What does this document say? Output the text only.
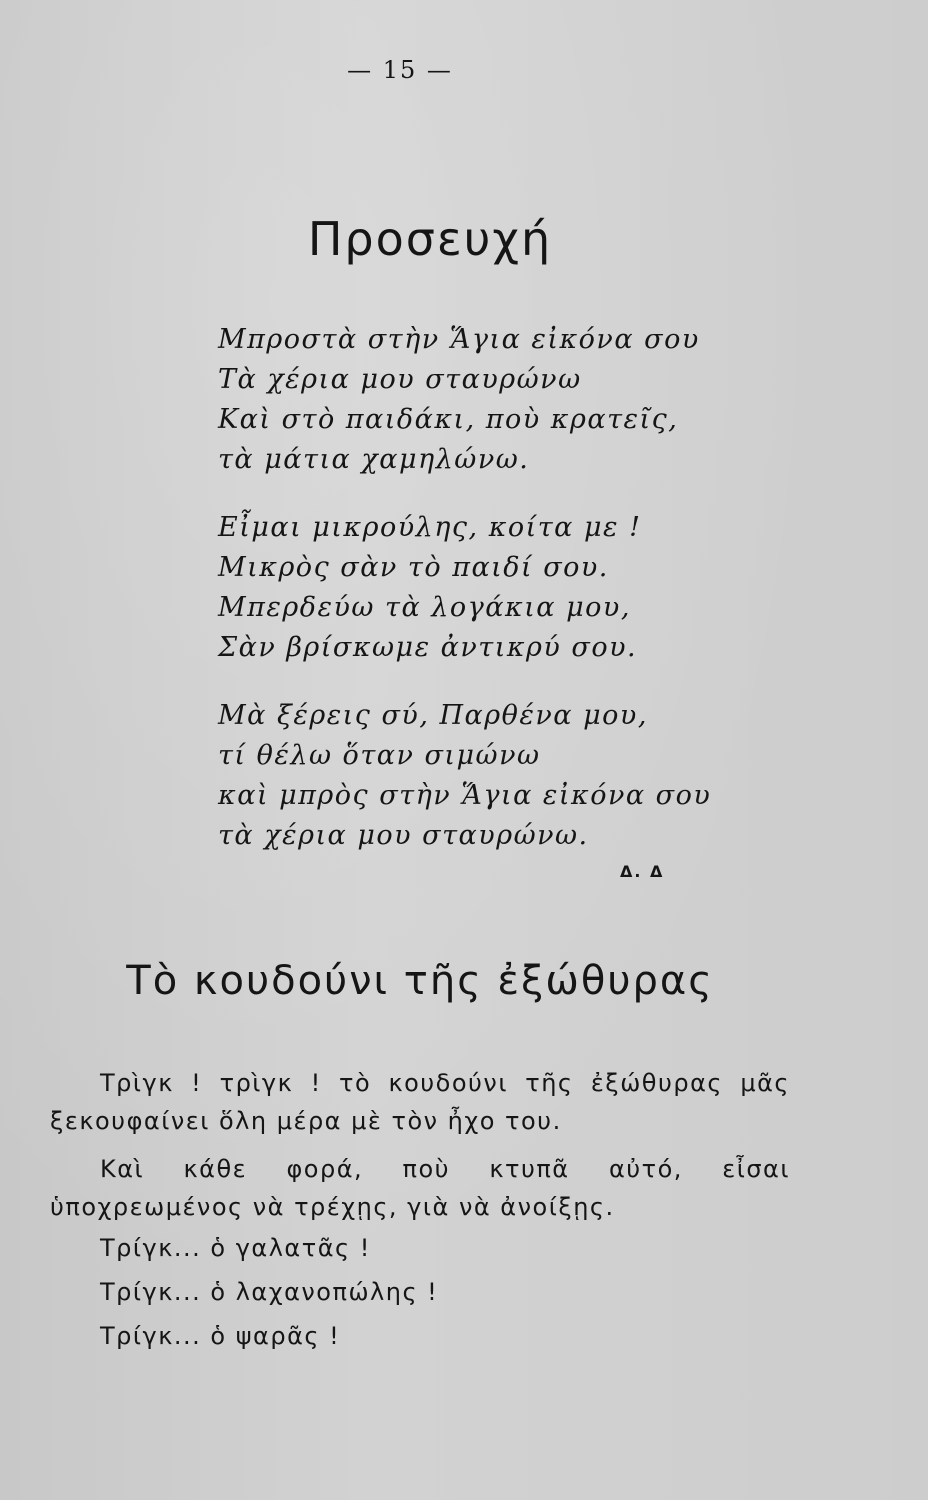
— 15 —
Προσευχή
Μπροστὰ στὴν Ἅγια εἰκόνα σου
Τὰ χέρια μου σταυρώνω
Καὶ στὸ παιδάκι, ποὺ κρατεῖς,
τὰ μάτια χαμηλώνω.
Εἶμαι μικρούλης, κοίτα με !
Μικρὸς σὰν τὸ παιδί σου.
Μπερδεύω τὰ λογάκια μου,
Σὰν βρίσκωμε ἀντικρύ σου.
Μὰ ξέρεις σύ, Παρθένα μου,
τί θέλω ὅταν σιμώνω
καὶ μπρὸς στὴν Ἅγια εἰκόνα σου
τὰ χέρια μου σταυρώνω.
Δ. Δ
Τὸ κουδούνι τῆς ἐξώθυρας

Τρὶγκ ! τρὶγκ ! τὸ κουδούνι τῆς ἐξώθυρας μᾶς ξεκουφαίνει ὅλη μέρα μὲ τὸν ἦχο του.

Καὶ κάθε φορά, ποὺ κτυπᾶ αὐτό, εἶσαι ὑποχρεωμένος νὰ τρέχῃς, γιὰ νὰ ἀνοίξῃς.

Τρίγκ... ὁ γαλατᾶς !

Τρίγκ... ὁ λαχανοπώλης !

Τρίγκ... ὁ ψαρᾶς !
